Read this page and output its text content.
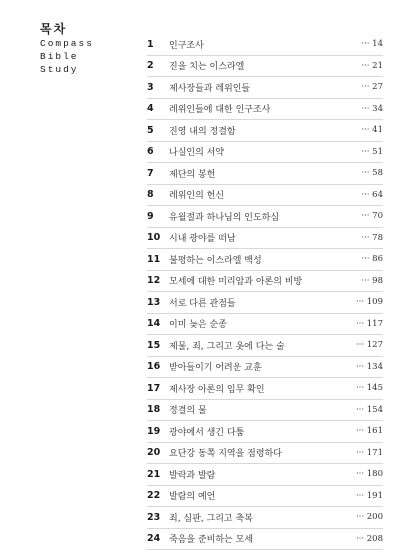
목차
Compass
Bible
Study
1	인구조사	··· 14
2	진을 치는 이스라엘	··· 21
3	제사장들과 레위인들	··· 27
4	레위인들에 대한 인구조사	··· 34
5	진영 내의 정결함	··· 41
6	나실인의 서약	··· 51
7	제단의 봉헌	··· 58
8	레위인의 헌신	··· 64
9	유월절과 하나님의 인도하심	··· 70
10 시내 광야를 떠남	··· 78
11 불평하는 이스라엘 백성	··· 86
12 모세에 대한 미리암과 아론의 비방	··· 98
13 서로 다른 관점들	··· 109
14 이미 늦은 순종	··· 117
15 제물, 죄, 그리고 옷에 다는 술	··· 127
16 받아들이기 어려운 교훈	··· 134
17 제사장 아론의 임무 확인	··· 145
18 정결의 물	··· 154
19 광야에서 생긴 다툼	··· 161
20 요단강 동쪽 지역을 점령하다	··· 171
21 발락과 발람	··· 180
22 발람의 예언	··· 191
23 죄, 심판, 그리고 축복	··· 200
24 죽음을 준비하는 모세	··· 208
